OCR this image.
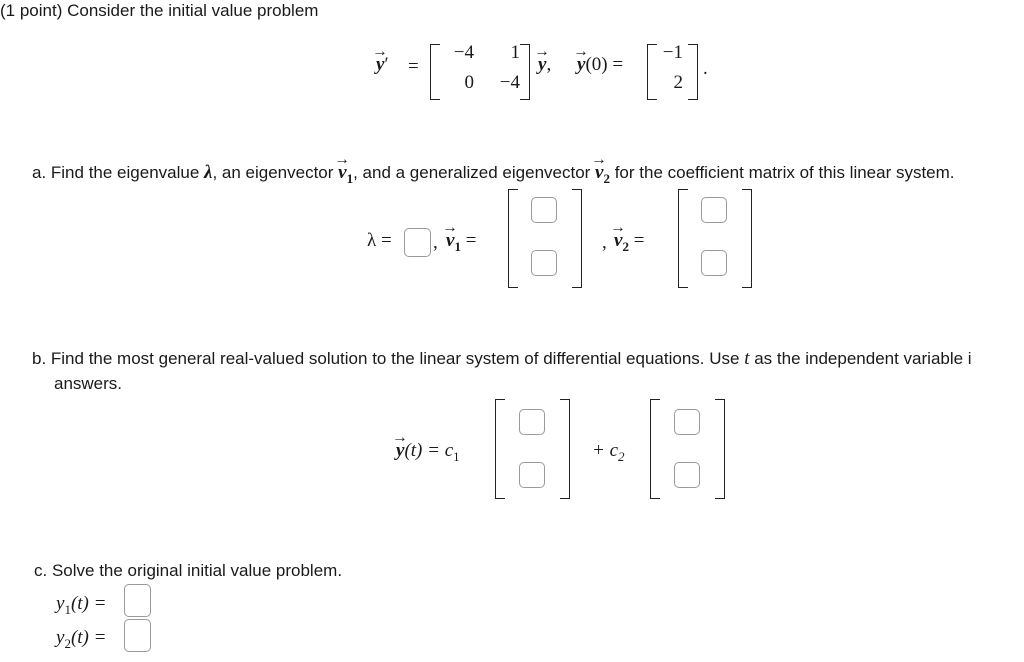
(1 point) Consider the initial value problem
→ y′ =
−4	1
0	−4
→ y, → y(0) =
−1
2
.
a. Find the eigenvalue λ, an eigenvector → $v_1$, and a generalized eigenvector → $v_2$ for the coefficient matrix of this linear system.
λ = , → $v_1$ =	, → $v_2$ =
b. Find the most general real-valued solution to the linear system of differential equations. Use t as the independent variable i
answers.
→ $y(t) = c_1$	+ $c_2$
c. Solve the original initial value problem.
$y_1(t)$ =
$y_2(t)$ =
